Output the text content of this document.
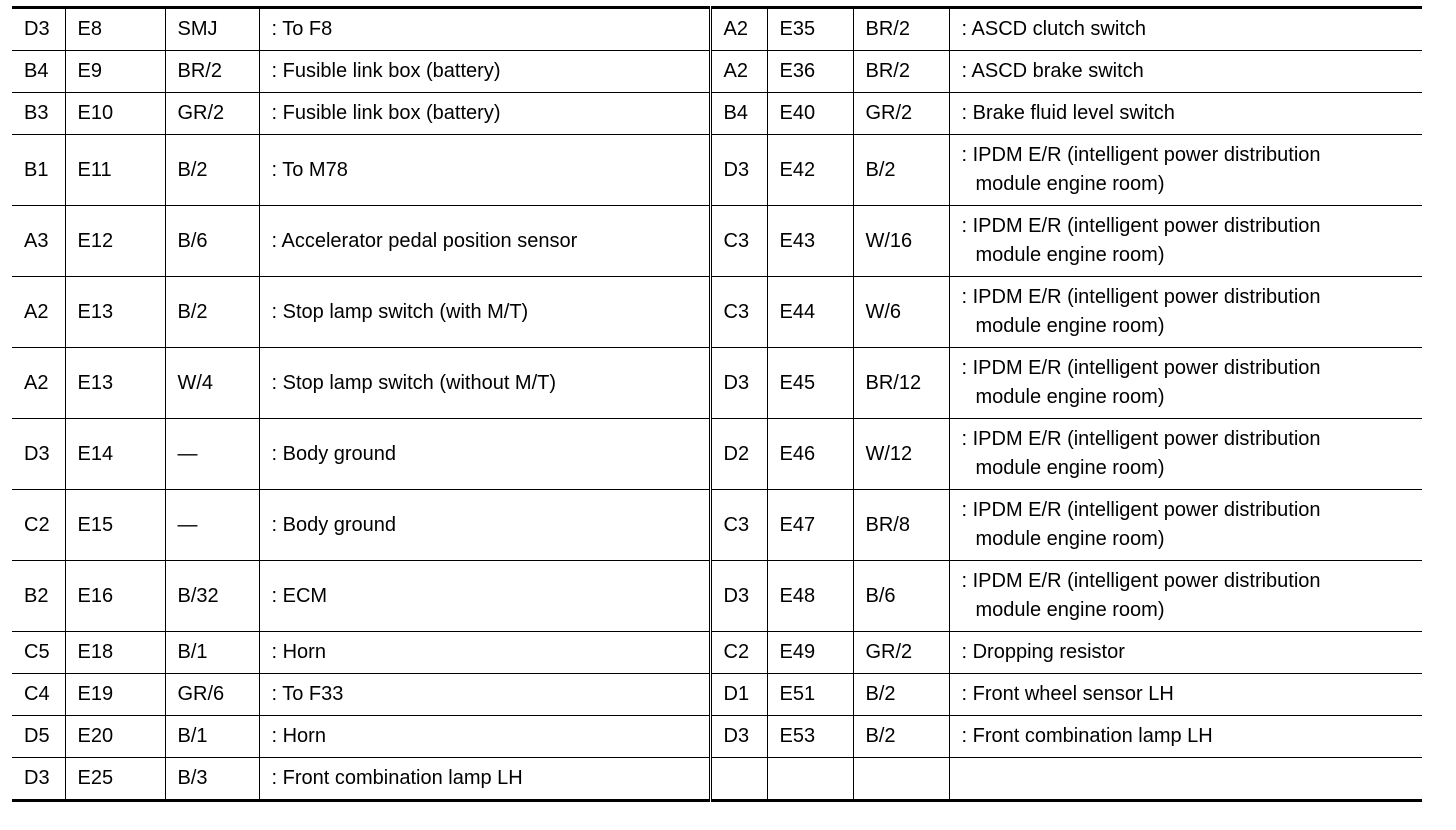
D3	E8	SMJ	: To F8	A2	E35	BR/2	: ASCD clutch switch

B4	E9	BR/2	: Fusible link box (battery)	A2	E36	BR/2	: ASCD brake switch

B3	E10	GR/2	: Fusible link box (battery)	B4	E40	GR/2	: Brake fluid level switch

B1	E11	B/2	: To M78	D3	E42	B/2	: IPDM E/R (intelligent power distribution
module engine room)

A3	E12	B/6	: Accelerator pedal position sensor	C3	E43	W/16	: IPDM E/R (intelligent power distribution
module engine room)

A2	E13	B/2	: Stop lamp switch (with M/T)	C3	E44	W/6	: IPDM E/R (intelligent power distribution
module engine room)

A2	E13	W/4	: Stop lamp switch (without M/T)	D3	E45	BR/12	: IPDM E/R (intelligent power distribution
module engine room)

D3	E14	—	: Body ground	D2	E46	W/12	: IPDM E/R (intelligent power distribution
module engine room)

C2	E15	—	: Body ground	C3	E47	BR/8	: IPDM E/R (intelligent power distribution
module engine room)

B2	E16	B/32	: ECM	D3	E48	B/6	: IPDM E/R (intelligent power distribution
module engine room)

C5	E18	B/1	: Horn	C2	E49	GR/2	: Dropping resistor

C4	E19	GR/6	: To F33	D1	E51	B/2	: Front wheel sensor LH

D5	E20	B/1	: Horn	D3	E53	B/2	: Front combination lamp LH

D3	E25	B/3	: Front combination lamp LH				
